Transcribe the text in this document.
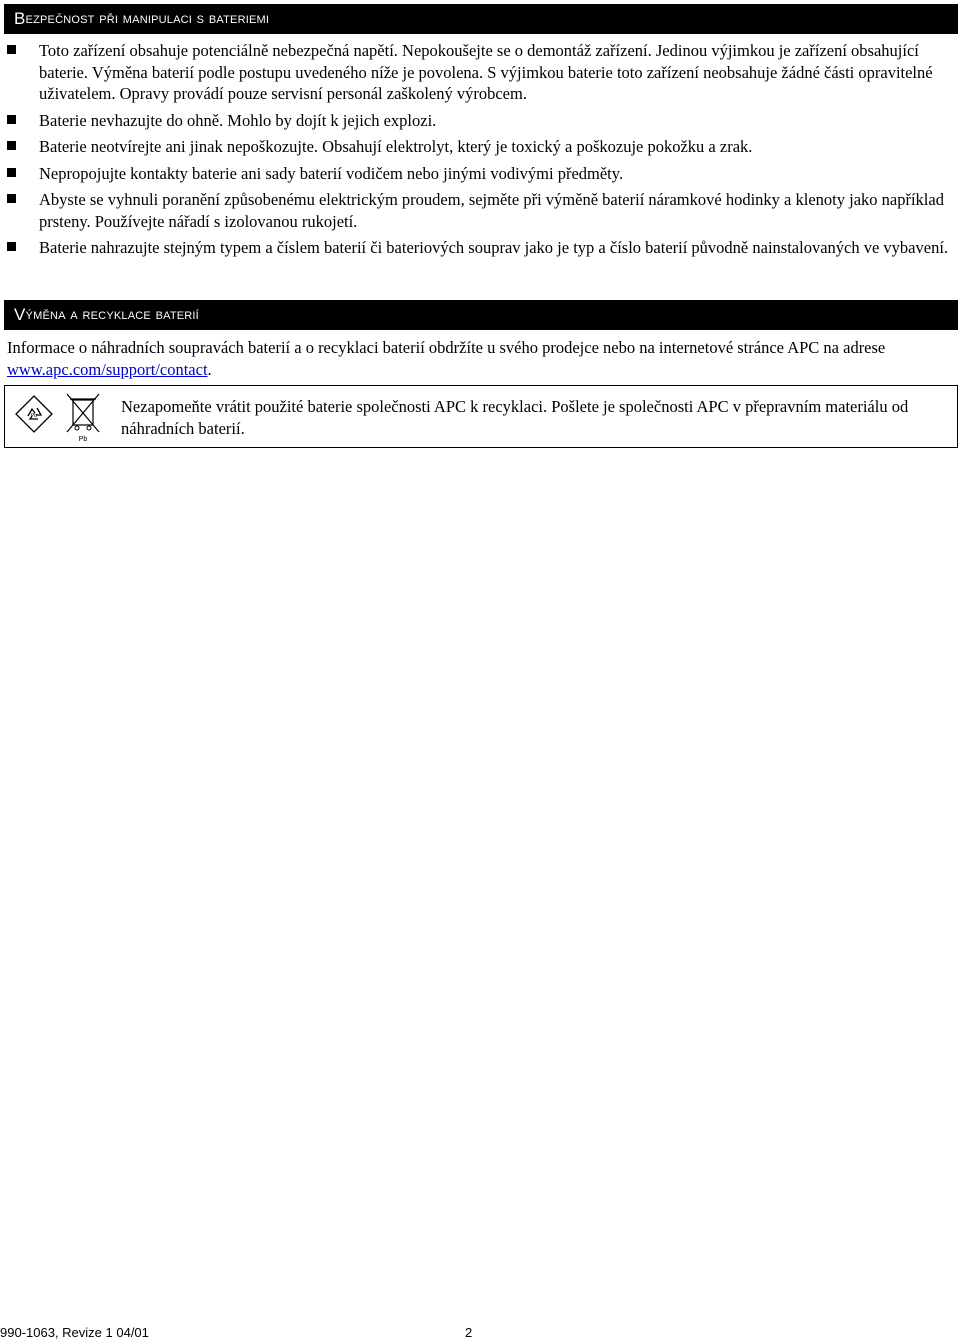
B ezpečnost při manipulaci s bateriemi
Toto zařízení obsahuje potenciálně nebezpečná napětí. Nepokoušejte se o demontáž zařízení. Jedinou výjimkou je zařízení obsahující baterie. Výměna baterií podle postupu uvedeného níže je povolena. S výjimkou baterie toto zařízení neobsahuje žádné části opravitelné uživatelem. Opravy provádí pouze servisní personál zaškolený výrobcem.
Baterie nevhazujte do ohně. Mohlo by dojít k jejich explozi.
Baterie neotvírejte ani jinak nepoškozujte. Obsahují elektrolyt, který je toxický a poškozuje pokožku a zrak.
Nepropojujte kontakty baterie ani sady baterií vodičem nebo jinými vodivými předměty.
Abyste se vyhnuli poranění způsobenému elektrickým proudem, sejměte při výměně baterií náramkové hodinky a klenoty jako například prsteny. Používejte nářadí s izolovanou rukojetí.
Baterie nahrazujte stejným typem a číslem baterií či bateriových souprav jako je typ a číslo baterií původně nainstalovaných ve vybavení.
V ýměna a recyklace baterií

Informace o náhradních soupravách baterií a o recyklaci baterií obdržíte u svého prodejce nebo na internetové stránce APC na adrese www.apc.com/support/contact.

Pb
Pb
Nezapomeňte vrátit použité baterie společnosti APC k recyklaci. Pošlete je společnosti APC v přepravním materiálu od náhradních baterií.
990-1063, Revize 1 04/01	2
